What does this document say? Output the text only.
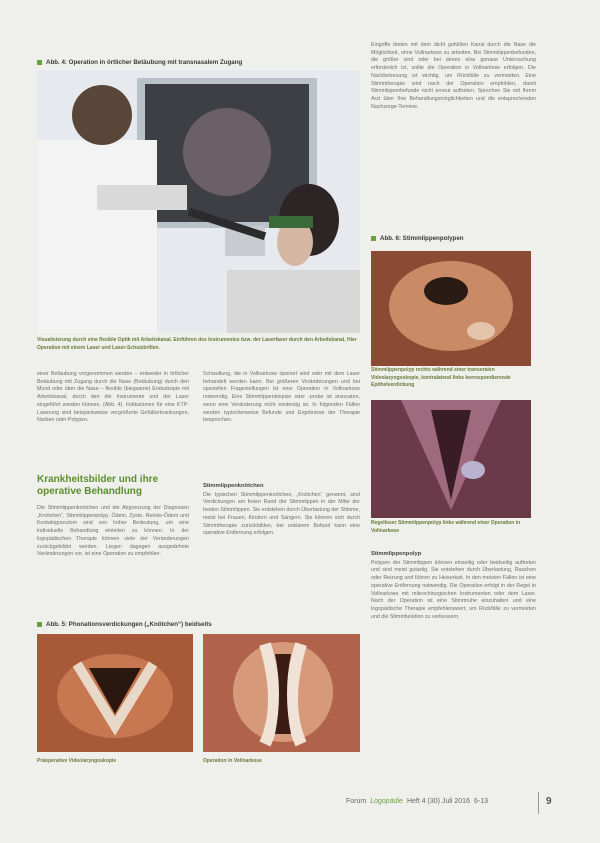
Abb. 4: Operation in örtlicher Betäubung mit transnasalem Zugang
Visualisierung durch eine flexible Optik mit Arbeitskanal. Einführen des Instrumentes bzw. der Laserfaser durch den Arbeitskanal. Hier Operation mit einem Laser und Laser-Schutzbrillen.

einer Betäubung vorgenommen werden – entweder in örtlicher Betäubung mit Zugang durch die Nase (Betäubung) durch den Mund oder über die Nase – flexible (biegsame) Endoskopie mit Arbeitskanal, durch den die Instrumente und der Laser eingeführt werden können. (Abb. 4). Indikationen für eine KTP-Laserung sind beispielsweise vergrößerte Gefäßerkrankungen, Narben oder Polypen.

Schwellung, die in Vollnarkose operiert wird oder mit dem Laser behandelt werden kann. Bei größeren Veränderungen und bei speziellen Fragestellungen ist eine Operation in Vollnarkose notwendig. Eine Stimmlippenbiopsie oder -probe ist anzuraten, wenn eine Veränderung nicht eindeutig ist. In folgenden Fällen werden typischerweise Befunde und Ergebnisse der Therapie besprochen.

Krankheitsbilder und ihre
operative Behandlung

Die Stimmlippenknötchen und die Abgrenzung der Diagnosen „Knötchen“, Stimmlippenpolyp, Ödem, Zyste, Reinke-Ödem und Kontaktgranulom sind von hoher Bedeutung, um eine individuelle Behandlung einleiten zu können. In der logopädischen Therapie können viele der Veränderungen zurückgebildet werden. Liegen dagegen ausgedehnte Veränderungen vor, ist eine Operation zu empfehlen.

Stimmlippenknötchen

Die typischen Stimmlippenknötchen, „Knötchen“ genannt, sind Verdickungen am freien Rand der Stimmlippen in der Mitte der beiden Stimmlippen. Sie entstehen durch Überlastung der Stimme, meist bei Frauen, Kindern und Sängern. Sie können sich durch Stimmtherapie zurückbilden, bei unklarem Befund kann eine operative Entfernung erfolgen.

Abb. 5: Phonationsverdickungen („Knötchen“) beidseits
Präoperative Videolaryngoskopie	Operation in Vollnarkose

Eingriffe bieten mit dem dicht gefüllten Kanal durch die Nase die Möglichkeit, ohne Vollnarkose zu arbeiten. Bei Stimmlippenbefunden, die größer sind oder bei denen eine genaue Untersuchung erforderlich ist, sollte die Operation in Vollnarkose erfolgen. Die Nachbetreuung ist wichtig, um Rückfälle zu vermeiden. Eine Stimmtherapie wird nach der Operation empfohlen, damit Stimmlippenbefunde nicht erneut auftreten. Sprechen Sie mit Ihrem Arzt über Ihre Behandlungsmöglichkeiten und die entsprechenden Nachsorge-Termine.

Abb. 6: Stimmlippenpolypen
Stimmlippenpolyp rechts während einer transoralen Videolaryngoskopie, kontralateral links korrespondierende Epithelverdickung
Regelloser Stimmlippenpolyp links während einer Operation in Vollnarkose
Stimmlippenpolyp

Polypen der Stimmlippen können einseitig oder beidseitig auftreten und sind meist gutartig. Sie entstehen durch Überlastung, Rauchen oder Reizung und führen zu Heiserkeit. In den meisten Fällen ist eine operative Entfernung notwendig. Die Operation erfolgt in der Regel in Vollnarkose mit mikrochirurgischen Instrumenten oder dem Laser. Nach der Operation ist eine Stimmruhe einzuhalten und eine logopädische Therapie empfehlenswert, um Rückfälle zu vermeiden und die Stimmfunktion zu verbessern.

Forum Logopädie Heft 4 (30) Juli 2016 6-13	9
